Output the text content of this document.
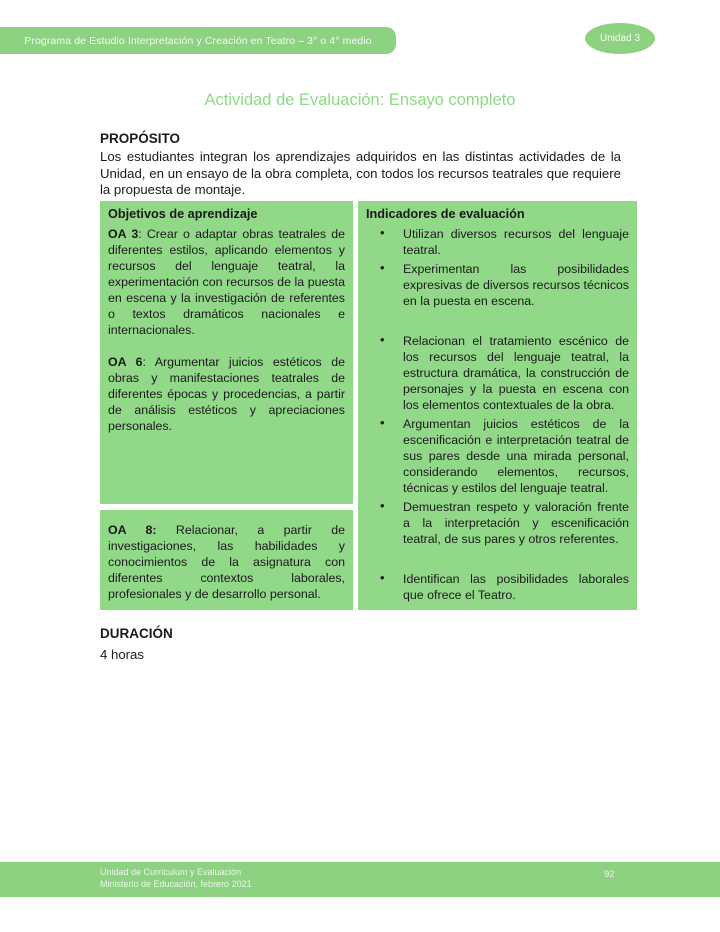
Programa de Estudio Interpretación y Creación en Teatro – 3° o 4° medio	Unidad 3
Actividad de Evaluación: Ensayo completo
PROPÓSITO

Los estudiantes integran los aprendizajes adquiridos en las distintas actividades de la Unidad, en un ensayo de la obra completa, con todos los recursos teatrales que requiere la propuesta de montaje.

Objetivos de aprendizaje

OA 3: Crear o adaptar obras teatrales de diferentes estilos, aplicando elementos y recursos del lenguaje teatral, la experimentación con recursos de la puesta en escena y la investigación de referentes o textos dramáticos nacionales e internacionales.

OA 6: Argumentar juicios estéticos de obras y manifestaciones teatrales de diferentes épocas y procedencias, a partir de análisis estéticos y apreciaciones personales.

OA 8: Relacionar, a partir de investigaciones, las habilidades y conocimientos de la asignatura con diferentes contextos laborales, profesionales y de desarrollo personal.

Indicadores de evaluación
• Utilizan diversos recursos del lenguaje teatral.
• Experimentan las posibilidades expresivas de diversos recursos técnicos en la puesta en escena.
• Relacionan el tratamiento escénico de los recursos del lenguaje teatral, la estructura dramática, la construcción de personajes y la puesta en escena con los elementos contextuales de la obra.
• Argumentan juicios estéticos de la escenificación e interpretación teatral de sus pares desde una mirada personal, considerando elementos, recursos, técnicas y estilos del lenguaje teatral.
• Demuestran respeto y valoración frente a la interpretación y escenificación teatral, de sus pares y otros referentes.
• Identifican las posibilidades laborales que ofrece el Teatro.
DURACIÓN
4 horas
Unidad de Currículum y Evaluación
Ministerio de Educación, febrero 2021
92
